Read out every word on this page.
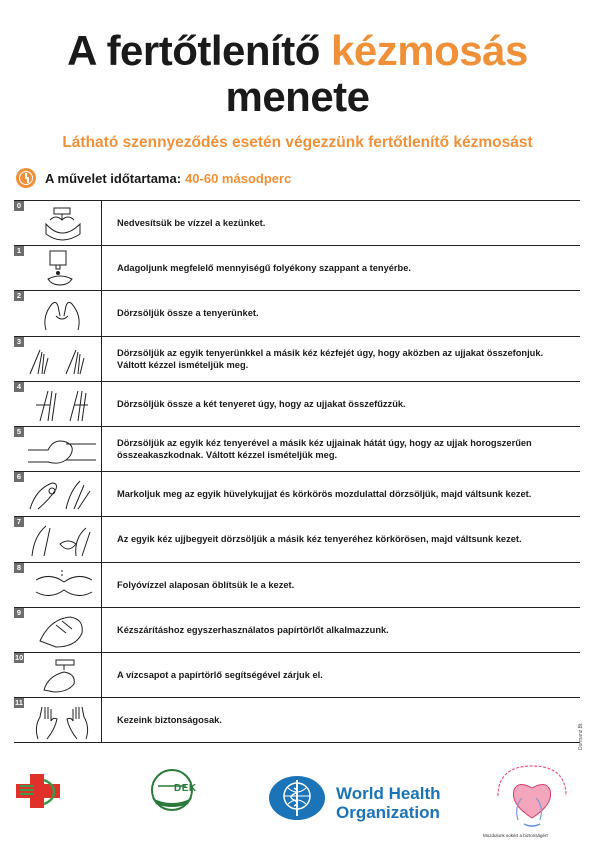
A fertőtlenítő kézmosás
menete
Látható szennyeződés esetén végezzünk fertőtlenítő kézmosást
A művelet időtartama: 40-60 másodperc
0
Nedvesítsük be vízzel a kezünket.
1
Adagoljunk megfelelő mennyiségű folyékony szappant a tenyérbe.
2
Dörzsöljük össze a tenyerünket.
3
Dörzsöljük az egyik tenyerünkkel a másik kéz kézfejét úgy, hogy aközben az ujjakat összefonjuk. Váltott kézzel ismételjük meg.
4
Dörzsöljük össze a két tenyeret úgy, hogy az ujjakat összefűzzük.
5
Dörzsöljük az egyik kéz tenyerével a másik kéz ujjainak hátát úgy, hogy az ujjak horogszerűen összeakaszkodnak. Váltott kézzel ismételjük meg.
6
Markoljuk meg az egyik hüvelykujjat és körkörös mozdulattal dörzsöljük, majd váltsunk kezet.
7
Az egyik kéz ujjbegyeit dörzsöljük a másik kéz tenyeréhez körkörösen, majd váltsunk kezet.
8
Folyóvízzel alaposan öblítsük le a kezet.
9
Kézszárításhoz egyszerhasználatos papírtörlőt alkalmazzunk.
10
A vízcsapot a papírtörlő segítségével zárjuk el.
11
Kezeink biztonságosak.
Dormanz Bt.
DEK	World Health
Organization
Mozdulunk sokért a biztonságért
